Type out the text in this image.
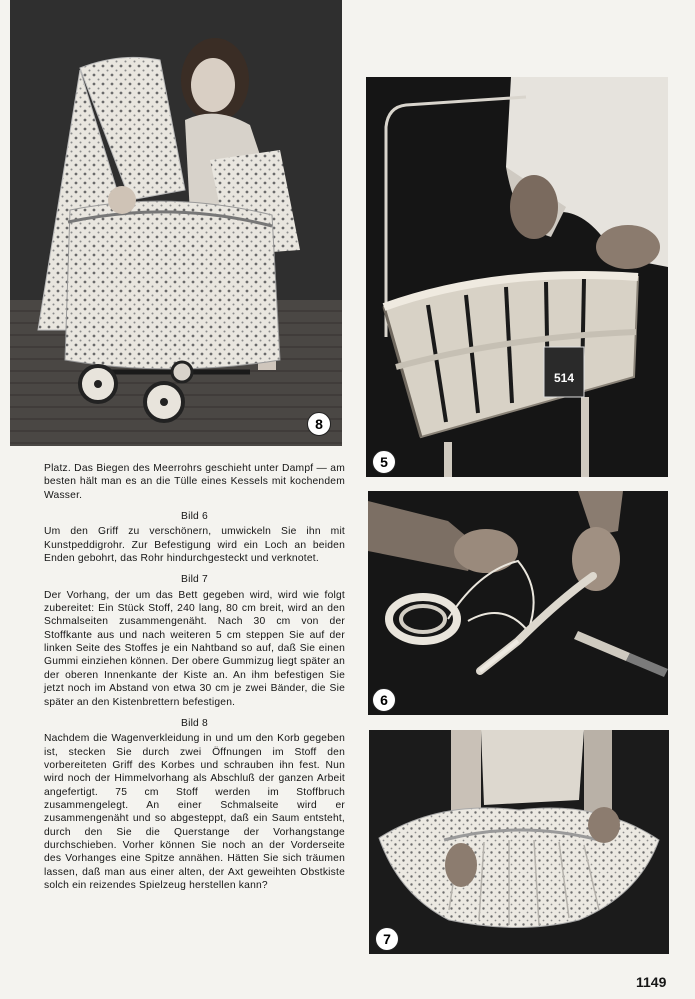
8
514
5
6
7

Platz. Das Biegen des Meerrohrs geschieht unter Dampf — am besten hält man es an die Tülle eines Kessels mit kochendem Wasser.

Bild 6

Um den Griff zu verschönern, umwickeln Sie ihn mit Kunstpeddigrohr. Zur Befestigung wird ein Loch an beiden Enden gebohrt, das Rohr hindurchgesteckt und verknotet.

Bild 7

Der Vorhang, der um das Bett gegeben wird, wird wie folgt zubereitet: Ein Stück Stoff, 240 lang, 80 cm breit, wird an den Schmalseiten zusammengenäht. Nach 30 cm von der Stoffkante aus und nach weiteren 5 cm steppen Sie auf der linken Seite des Stoffes je ein Nahtband so auf, daß Sie einen Gummi einziehen können. Der obere Gummizug liegt später an der oberen Innenkante der Kiste an. An ihm befestigen Sie jetzt noch im Abstand von etwa 30 cm je zwei Bänder, die Sie später an den Kistenbrettern befestigen.

Bild 8

Nachdem die Wagenverkleidung in und um den Korb gegeben ist, stecken Sie durch zwei Öffnungen im Stoff den vorbereiteten Griff des Korbes und schrauben ihn fest. Nun wird noch der Himmelvorhang als Abschluß der ganzen Arbeit angefertigt. 75 cm Stoff werden im Stoffbruch zusammengelegt. An einer Schmalseite wird er zusammengenäht und so abgesteppt, daß ein Saum entsteht, durch den Sie die Querstange der Vorhangstange durchschieben. Vorher können Sie noch an der Vorderseite des Vorhanges eine Spitze annähen. Hätten Sie sich träumen lassen, daß man aus einer alten, der Axt geweihten Obstkiste solch ein reizendes Spielzeug herstellen kann?

1149
